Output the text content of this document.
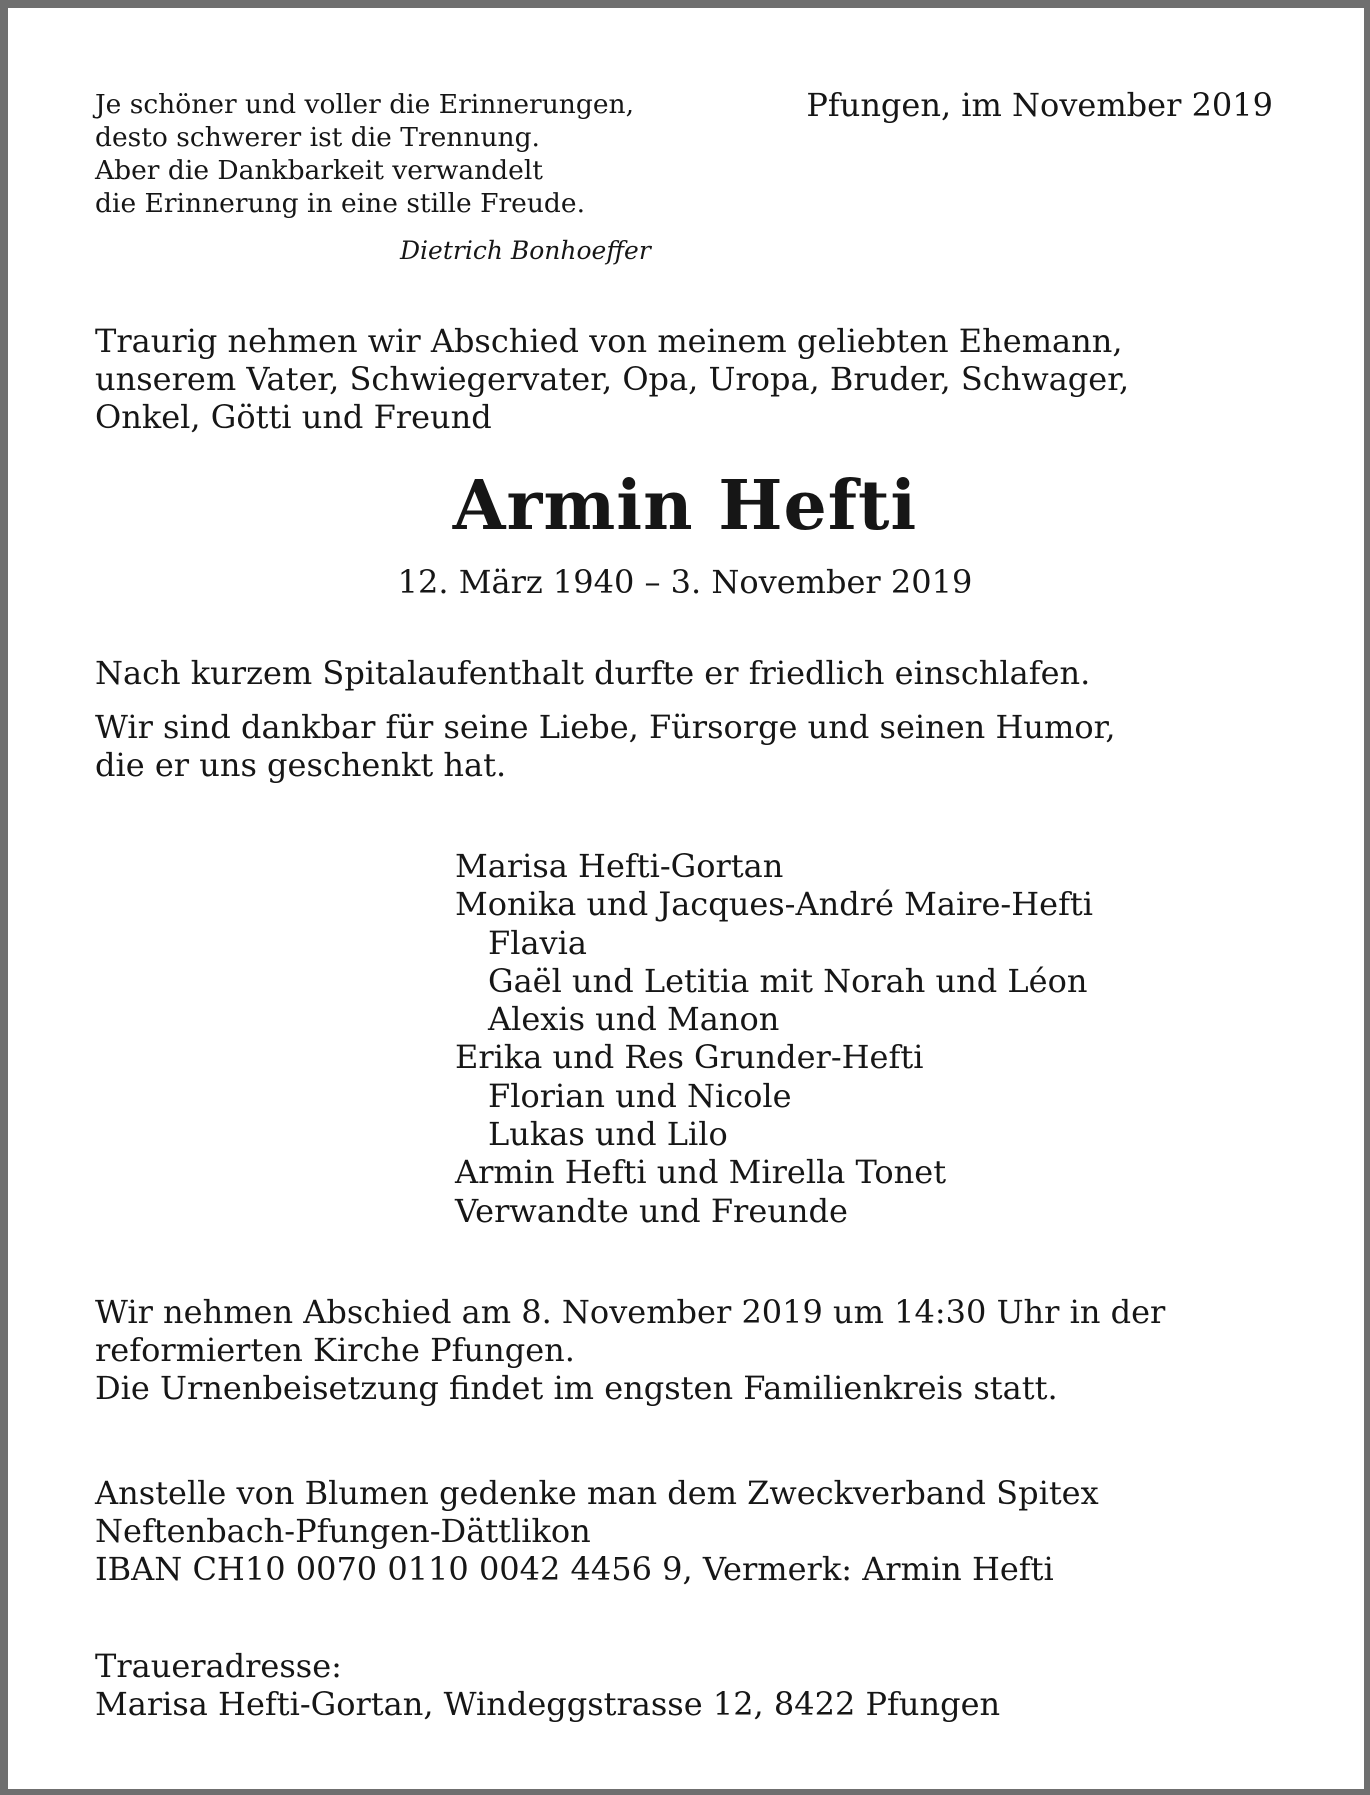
Je schöner und voller die Erinnerungen,
desto schwerer ist die Trennung.
Aber die Dankbarkeit verwandelt
die Erinnerung in eine stille Freude.

Dietrich Bonhoeffer

Pfungen, im November 2019

Traurig nehmen wir Abschied von meinem geliebten Ehemann,
unserem Vater, Schwiegervater, Opa, Uropa, Bruder, Schwager,
Onkel, Götti und Freund
Armin Hefti

12. März 1940 – 3. November 2019

Nach kurzem Spitalaufenthalt durfte er friedlich einschlafen.

Wir sind dankbar für seine Liebe, Fürsorge und seinen Humor,
die er uns geschenkt hat.
Marisa Hefti-Gortan
Monika und Jacques-André Maire-Hefti
Flavia
Gaël und Letitia mit Norah und Léon
Alexis und Manon
Erika und Res Grunder-Hefti
Florian und Nicole
Lukas und Lilo
Armin Hefti und Mirella Tonet
Verwandte und Freunde
Wir nehmen Abschied am 8. November 2019 um 14:30 Uhr in der
reformierten Kirche Pfungen.
Die Urnenbeisetzung findet im engsten Familienkreis statt.
Anstelle von Blumen gedenke man dem Zweckverband Spitex
Neftenbach-Pfungen-Dättlikon
IBAN CH10 0070 0110 0042 4456 9, Vermerk: Armin Hefti

Traueradresse:

Marisa Hefti-Gortan, Windeggstrasse 12, 8422 Pfungen
